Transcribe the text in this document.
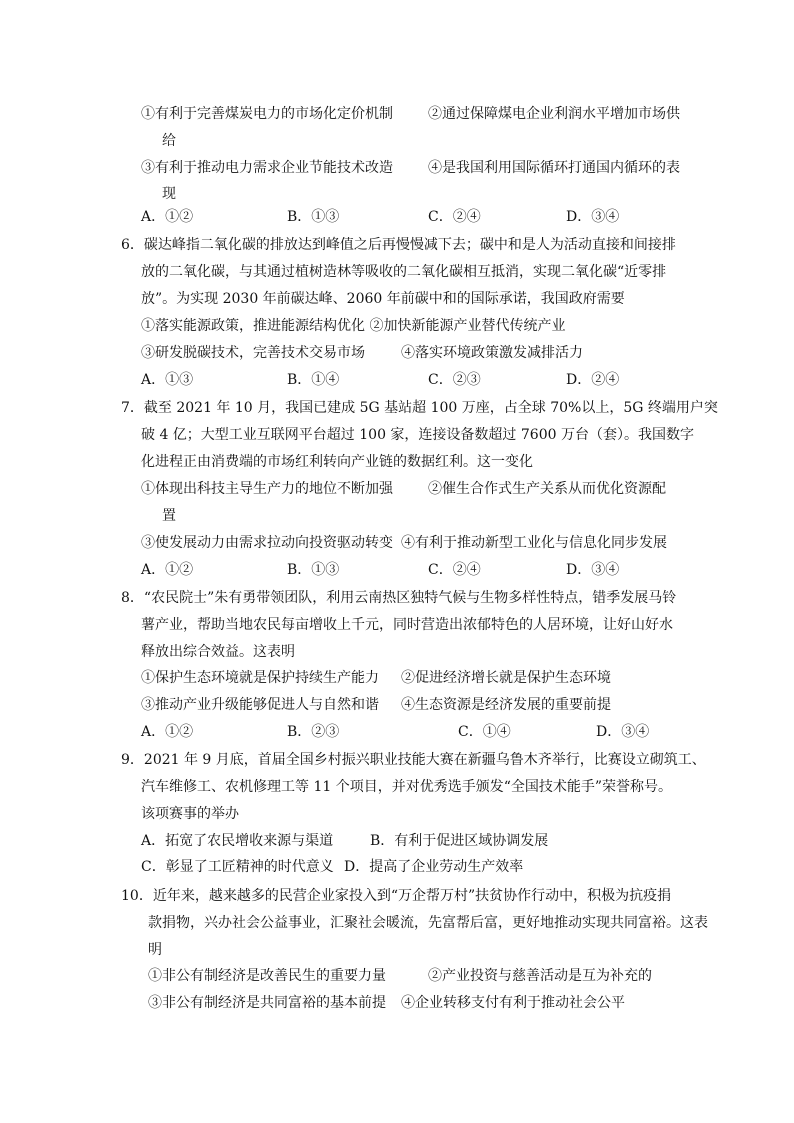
①有利于完善煤炭电力的市场化定价机制	②通过保障煤电企业利润水平增加市场供
给
③有利于推动电力需求企业节能技术改造	④是我国利用国际循环打通国内循环的表
现
A．①②	B．①③	C．②④	D．③④
6．碳达峰指二氧化碳的排放达到峰值之后再慢慢减下去；碳中和是人为活动直接和间接排
放的二氧化碳，与其通过植树造林等吸收的二氧化碳相互抵消，实现二氧化碳“近零排
放”。为实现 2030 年前碳达峰、2060 年前碳中和的国际承诺，我国政府需要
①落实能源政策，推进能源结构优化 ②加快新能源产业替代传统产业
③研发脱碳技术，完善技术交易市场	④落实环境政策激发减排活力
A．①③	B．①④	C．②③	D．②④
7．截至 2021 年 10 月，我国已建成 5G 基站超 100 万座，占全球 70%以上，5G 终端用户突
破 4 亿；大型工业互联网平台超过 100 家，连接设备数超过 7600 万台（套）。我国数字
化进程正由消费端的市场红利转向产业链的数据红利。这一变化
①体现出科技主导生产力的地位不断加强	②催生合作式生产关系从而优化资源配
置
③使发展动力由需求拉动向投资驱动转变 ④有利于推动新型工业化与信息化同步发展
A．①②	B．①③	C．②④	D．③④
8．“农民院士”朱有勇带领团队，利用云南热区独特气候与生物多样性特点，错季发展马铃
薯产业，帮助当地农民每亩增收上千元，同时营造出浓郁特色的人居环境，让好山好水
释放出综合效益。这表明
①保护生态环境就是保护持续生产能力 ②促进经济增长就是保护生态环境
③推动产业升级能够促进人与自然和谐 ④生态资源是经济发展的重要前提
A．①②	B．②③	C．①④	D．③④
9．2021 年 9 月底，首届全国乡村振兴职业技能大赛在新疆乌鲁木齐举行，比赛设立砌筑工、
汽车维修工、农机修理工等 11 个项目，并对优秀选手颁发“全国技术能手”荣誉称号。
该项赛事的举办
A．拓宽了农民增收来源与渠道	B．有利于促进区域协调发展
C．彰显了工匠精神的时代意义 D．提高了企业劳动生产效率
10．近年来，越来越多的民营企业家投入到“万企帮万村”扶贫协作行动中，积极为抗疫捐
款捐物，兴办社会公益事业，汇聚社会暖流，先富帮后富，更好地推动实现共同富裕。这表
明
①非公有制经济是改善民生的重要力量	②产业投资与慈善活动是互为补充的
③非公有制经济是共同富裕的基本前提 ④企业转移支付有利于推动社会公平
